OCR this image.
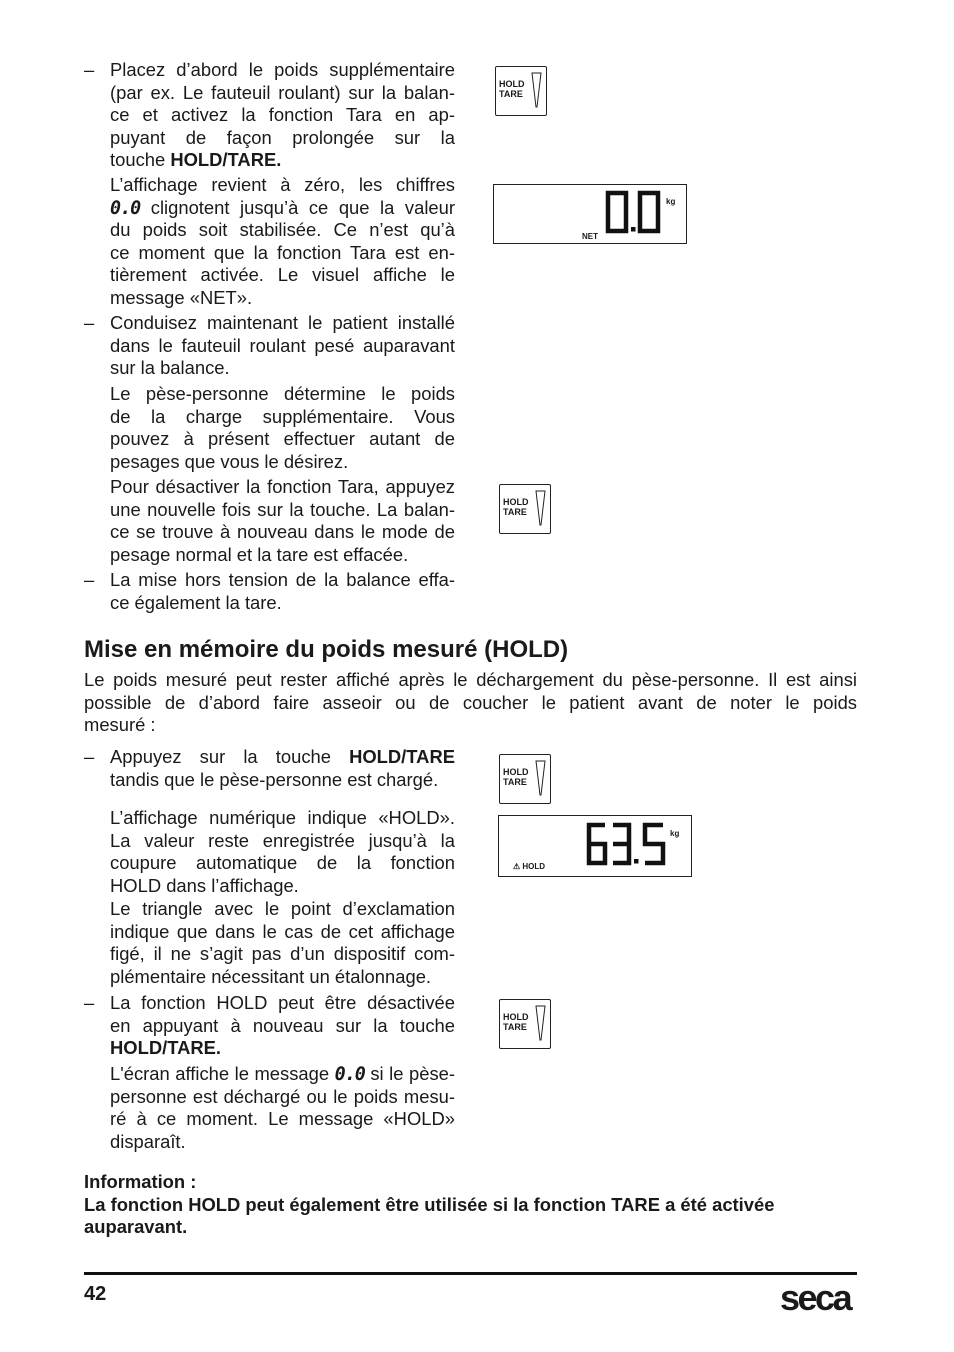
– Placez d’abord le poids supplémentaire
(par ex. Le fauteuil roulant) sur la balan-
ce et activez la fonction Tara en ap-
puyant de façon prolongée sur la
touche HOLD/TARE.
L’affichage revient à zéro, les chiffres
0.0 clignotent jusqu’à ce que la valeur
du poids soit stabilisée. Ce n’est qu’à
ce moment que la fonction Tara est en-
tièrement activée. Le visuel affiche le
message «NET».
– Conduisez maintenant le patient installé
dans le fauteuil roulant pesé auparavant
sur la balance.
Le pèse-personne détermine le poids
de la charge supplémentaire. Vous
pouvez à présent effectuer autant de
pesages que vous le désirez.
Pour désactiver la fonction Tara, appuyez
une nouvelle fois sur la touche. La balan-
ce se trouve à nouveau dans le mode de
pesage normal et la tare est effacée.
– La mise hors tension de la balance effa-
ce également la tare.
HOLD
TARE
kg
NET
HOLD
TARE
Mise en mémoire du poids mesuré (HOLD)
Le poids mesuré peut rester affiché après le déchargement du pèse-personne. Il est ainsi
possible de d’abord faire asseoir ou de coucher le patient avant de noter le poids
mesuré :
– Appuyez sur la touche HOLD/TARE
tandis que le pèse-personne est chargé.
L’affichage numérique indique «HOLD».
La valeur reste enregistrée jusqu’à la
coupure automatique de la fonction
HOLD dans l’affichage.
Le triangle avec le point d’exclamation
indique que dans le cas de cet affichage
figé, il ne s’agit pas d’un dispositif com-
plémentaire nécessitant un étalonnage.
– La fonction HOLD peut être désactivée
en appuyant à nouveau sur la touche
HOLD/TARE.
L'écran affiche le message 0.0 si le pèse-
personne est déchargé ou le poids mesu-
ré à ce moment. Le message «HOLD»
disparaît.
HOLD
TARE
kg
⚠ HOLD
HOLD
TARE
Information :
La fonction HOLD peut également être utilisée si la fonction TARE a été activée
auparavant.
42	seca
